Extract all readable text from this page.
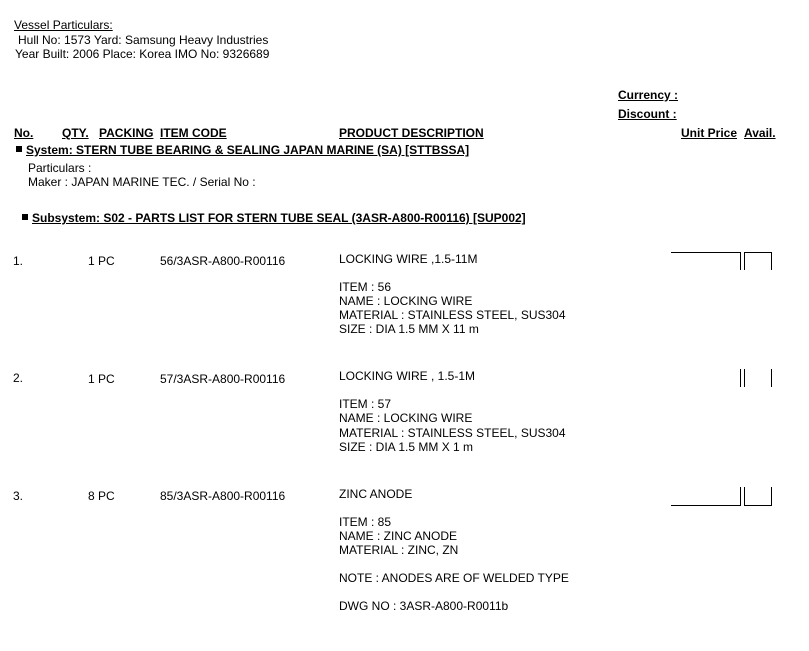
Vessel Particulars:
Hull No: 1573 Yard: Samsung Heavy Industries
Year Built: 2006 Place: Korea IMO No: 9326689
Currency :
Discount :
No. QTY. PACKING ITEM CODE	PRODUCT DESCRIPTION	Unit Price Avail.
System: STERN TUBE BEARING & SEALING JAPAN MARINE (SA) [STTBSSA]
Particulars :
Maker : JAPAN MARINE TEC. / Serial No :
Subsystem: S02 - PARTS LIST FOR STERN TUBE SEAL (3ASR-A800-R00116) [SUP002]
1.	1 PC	56/3ASR-A800-R00116	LOCKING WIRE ,1.5-11M
ITEM : 56
NAME : LOCKING WIRE
MATERIAL : STAINLESS STEEL, SUS304
SIZE : DIA 1.5 MM X 11 m
2.	1 PC	57/3ASR-A800-R00116	LOCKING WIRE , 1.5-1M
ITEM : 57
NAME : LOCKING WIRE
MATERIAL : STAINLESS STEEL, SUS304
SIZE : DIA 1.5 MM X 1 m
3.	8 PC	85/3ASR-A800-R00116	ZINC ANODE
ITEM : 85
NAME : ZINC ANODE
MATERIAL : ZINC, ZN
NOTE : ANODES ARE OF WELDED TYPE
DWG NO : 3ASR-A800-R0011b
